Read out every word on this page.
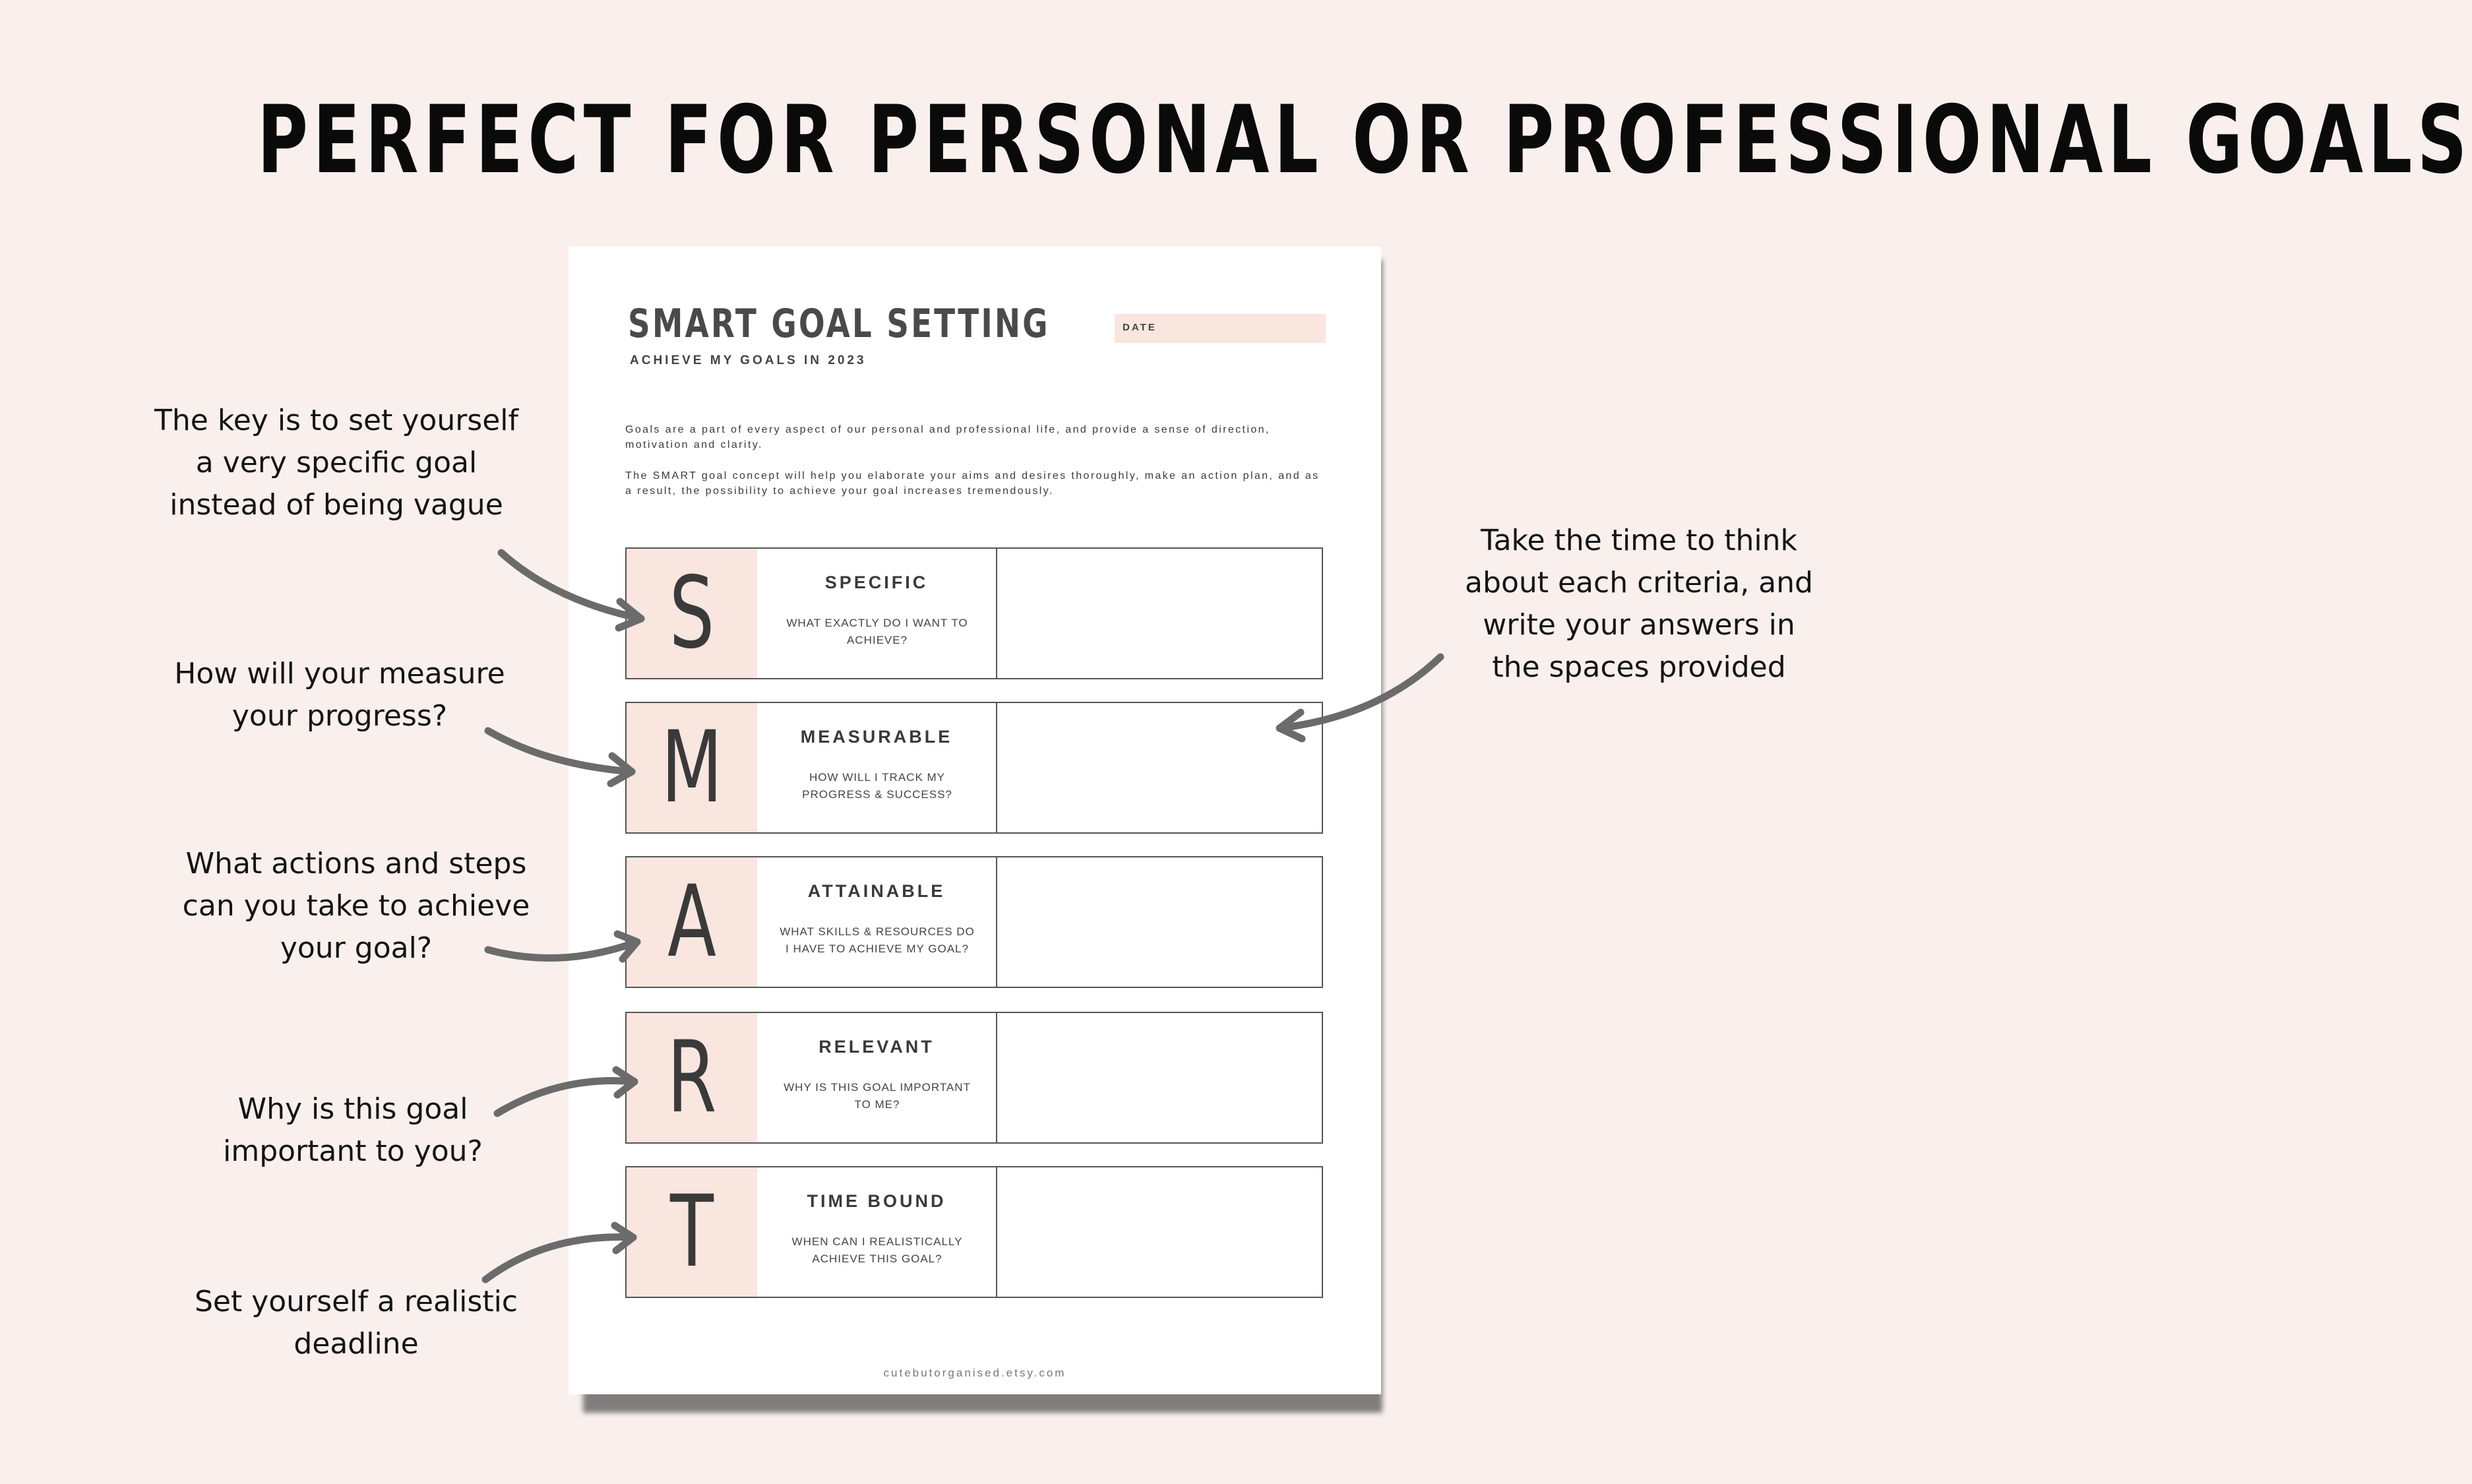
PERFECT FOR PERSONAL OR PROFESSIONAL GOALS
SMART GOAL SETTING
ACHIEVE MY GOALS IN 2023
DATE
Goals are a part of every aspect of our personal and professional life, and provide a sense of direction, motivation and clarity.
The SMART goal concept will help you elaborate your aims and desires thoroughly, make an action plan, and as a result, the possibility to achieve your goal increases tremendously.
S	SPECIFIC
WHAT EXACTLY DO I WANT TO ACHIEVE?
M	MEASURABLE
HOW WILL I TRACK MY PROGRESS & SUCCESS?
A	ATTAINABLE
WHAT SKILLS & RESOURCES DO I HAVE TO ACHIEVE MY GOAL?
R	RELEVANT
WHY IS THIS GOAL IMPORTANT TO ME?
T	TIME BOUND
WHEN CAN I REALISTICALLY ACHIEVE THIS GOAL?
cutebutorganised.etsy.com
The key is to set yourself
a very specific goal
instead of being vague
How will your measure
your progress?
What actions and steps
can you take to achieve
your goal?
Why is this goal
important to you?
Set yourself a realistic
deadline
Take the time to think
about each criteria, and
write your answers in
the spaces provided
